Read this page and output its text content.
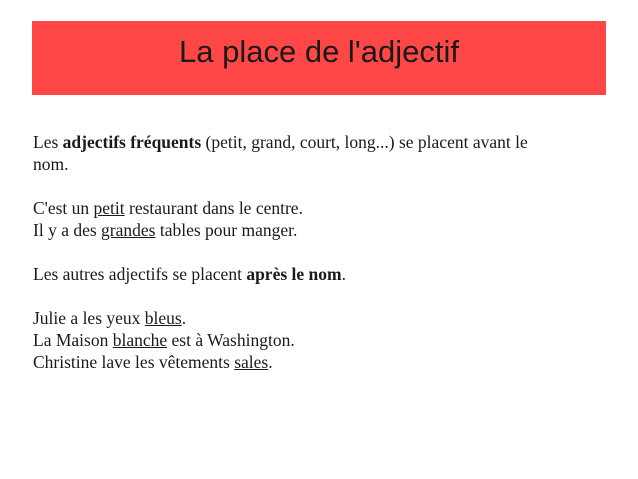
La place de l'adjectif
Les adjectifs fréquents (petit, grand, court, long...) se placent avant le
nom.
C'est un petit restaurant dans le centre.
Il y a des grandes tables pour manger.
Les autres adjectifs se placent après le nom.
Julie a les yeux bleus.
La Maison blanche est à Washington.
Christine lave les vêtements sales.
